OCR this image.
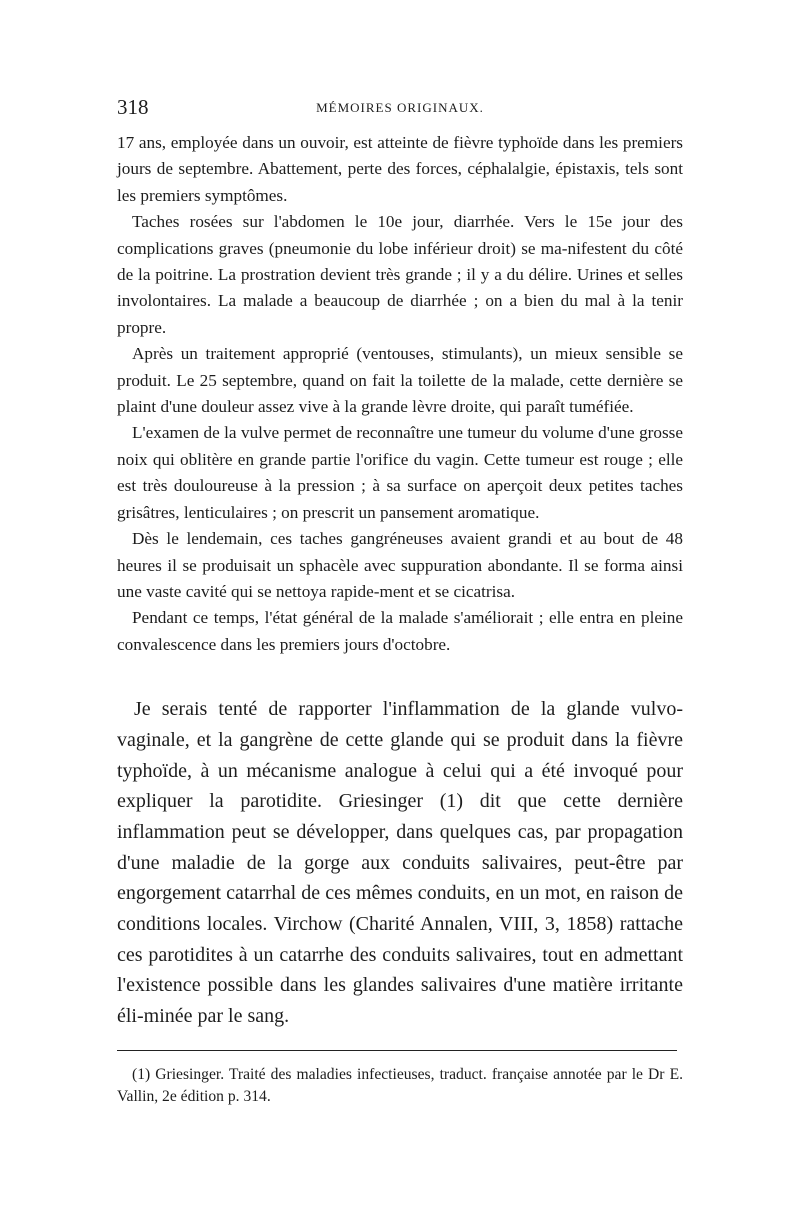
318	MÉMOIRES ORIGINAUX.

17 ans, employée dans un ouvoir, est atteinte de fièvre typhoïde dans les premiers jours de septembre. Abattement, perte des forces, céphalalgie, épistaxis, tels sont les premiers symptômes.

Taches rosées sur l'abdomen le 10e jour, diarrhée. Vers le 15e jour des complications graves (pneumonie du lobe inférieur droit) se ma-nifestent du côté de la poitrine. La prostration devient très grande ; il y a du délire. Urines et selles involontaires. La malade a beaucoup de diarrhée ; on a bien du mal à la tenir propre.

Après un traitement approprié (ventouses, stimulants), un mieux sensible se produit. Le 25 septembre, quand on fait la toilette de la malade, cette dernière se plaint d'une douleur assez vive à la grande lèvre droite, qui paraît tuméfiée.

L'examen de la vulve permet de reconnaître une tumeur du volume d'une grosse noix qui oblitère en grande partie l'orifice du vagin. Cette tumeur est rouge ; elle est très douloureuse à la pression ; à sa surface on aperçoit deux petites taches grisâtres, lenticulaires ; on prescrit un pansement aromatique.

Dès le lendemain, ces taches gangréneuses avaient grandi et au bout de 48 heures il se produisait un sphacèle avec suppuration abondante. Il se forma ainsi une vaste cavité qui se nettoya rapide-ment et se cicatrisa.

Pendant ce temps, l'état général de la malade s'améliorait ; elle entra en pleine convalescence dans les premiers jours d'octobre.

Je serais tenté de rapporter l'inflammation de la glande vulvo-vaginale, et la gangrène de cette glande qui se produit dans la fièvre typhoïde, à un mécanisme analogue à celui qui a été invoqué pour expliquer la parotidite. Griesinger (1) dit que cette dernière inflammation peut se développer, dans quelques cas, par propagation d'une maladie de la gorge aux conduits salivaires, peut-être par engorgement catarrhal de ces mêmes conduits, en un mot, en raison de conditions locales. Virchow (Charité Annalen, VIII, 3, 1858) rattache ces parotidites à un catarrhe des conduits salivaires, tout en admettant l'existence possible dans les glandes salivaires d'une matière irritante éli-minée par le sang.

(1) Griesinger. Traité des maladies infectieuses, traduct. française annotée par le Dr E. Vallin, 2e édition p. 314.
